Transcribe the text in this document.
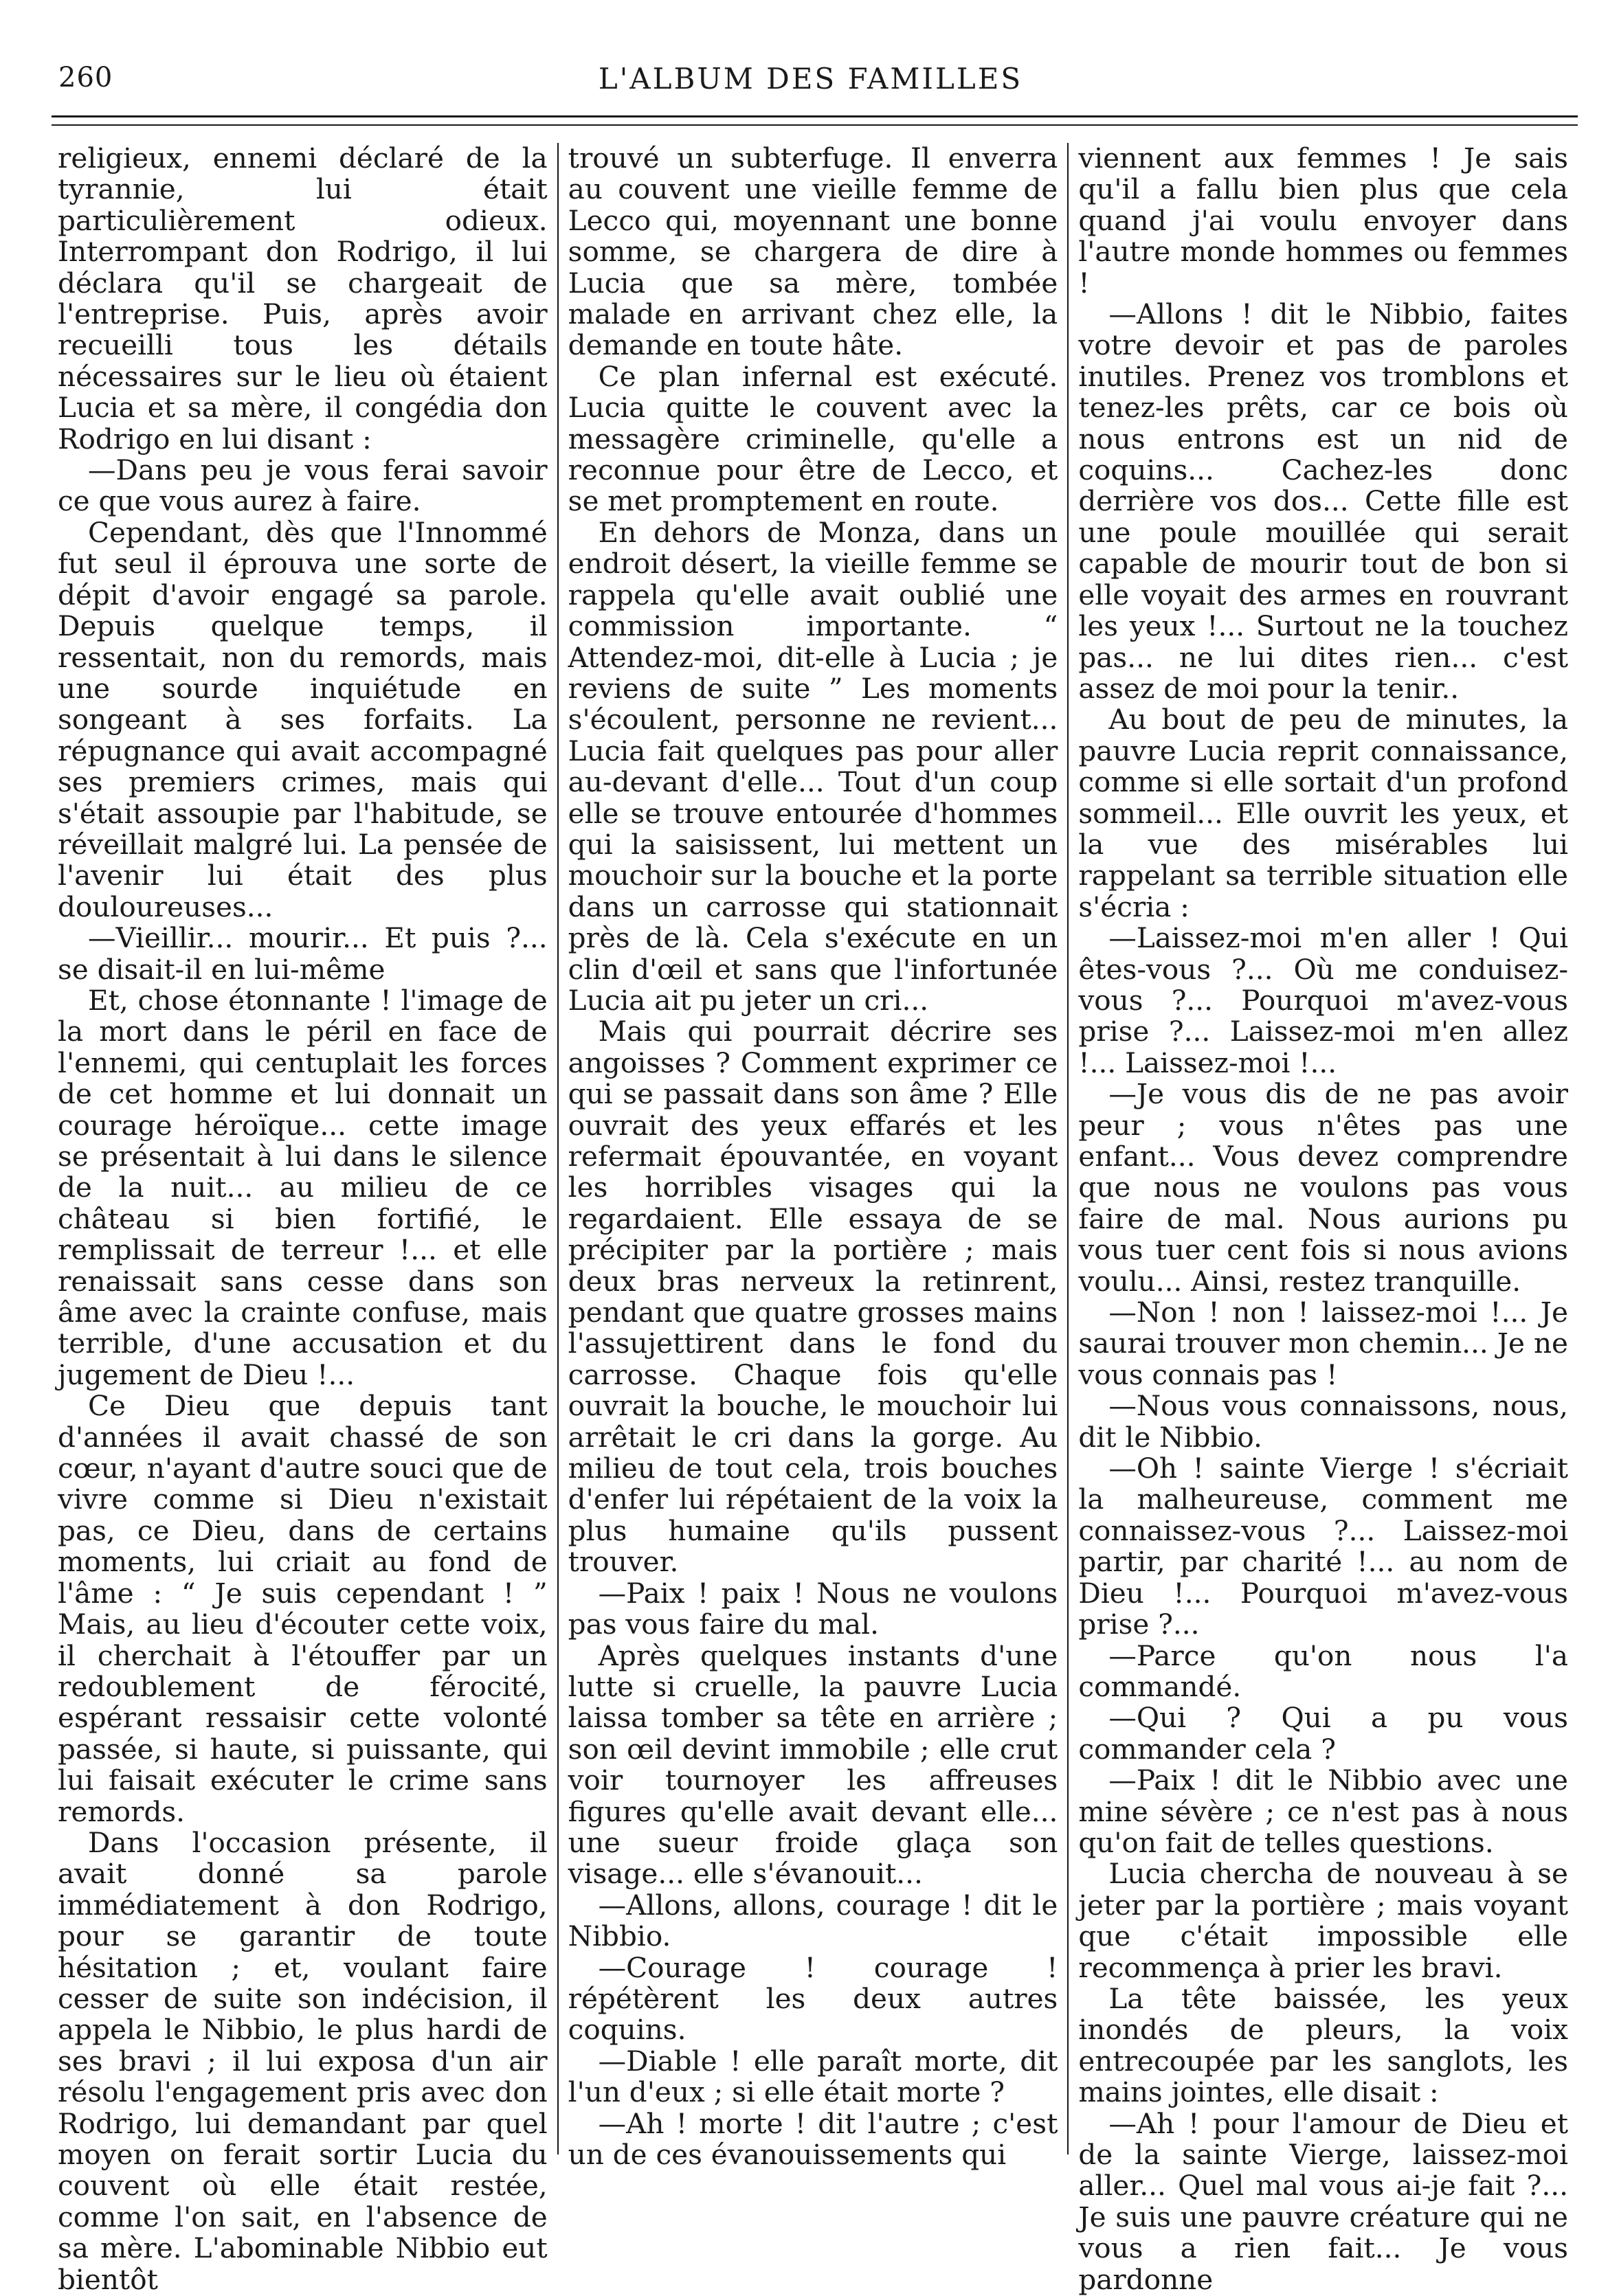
260	L'ALBUM DES FAMILLES

religieux, ennemi déclaré de la tyrannie, lui était particulièrement odieux. Interrompant don Rodrigo, il lui déclara qu'il se chargeait de l'entreprise. Puis, après avoir recueilli tous les détails nécessaires sur le lieu où étaient Lucia et sa mère, il congédia don Rodrigo en lui disant :

—Dans peu je vous ferai savoir ce que vous aurez à faire.

Cependant, dès que l'Innommé fut seul il éprouva une sorte de dépit d'avoir engagé sa parole. Depuis quelque temps, il ressentait, non du remords, mais une sourde inquiétude en songeant à ses forfaits. La répugnance qui avait accompagné ses premiers crimes, mais qui s'était assoupie par l'habitude, se réveillait malgré lui. La pensée de l'avenir lui était des plus douloureuses...

—Vieillir... mourir... Et puis ?... se disait-il en lui-même

Et, chose étonnante ! l'image de la mort dans le péril en face de l'ennemi, qui centuplait les forces de cet homme et lui donnait un courage héroïque... cette image se présentait à lui dans le silence de la nuit... au milieu de ce château si bien fortifié, le remplissait de terreur !... et elle renaissait sans cesse dans son âme avec la crainte confuse, mais terrible, d'une accusation et du jugement de Dieu !...

Ce Dieu que depuis tant d'années il avait chassé de son cœur, n'ayant d'autre souci que de vivre comme si Dieu n'existait pas, ce Dieu, dans de certains moments, lui criait au fond de l'âme : “ Je suis cependant ! ” Mais, au lieu d'écouter cette voix, il cherchait à l'étouffer par un redoublement de férocité, espérant ressaisir cette volonté passée, si haute, si puissante, qui lui faisait exécuter le crime sans remords.

Dans l'occasion présente, il avait donné sa parole immédiatement à don Rodrigo, pour se garantir de toute hésitation ; et, voulant faire cesser de suite son indécision, il appela le Nibbio, le plus hardi de ses bravi ; il lui exposa d'un air résolu l'engagement pris avec don Rodrigo, lui demandant par quel moyen on ferait sortir Lucia du couvent où elle était restée, comme l'on sait, en l'absence de sa mère. L'abominable Nibbio eut bientôt

trouvé un subterfuge. Il enverra au couvent une vieille femme de Lecco qui, moyennant une bonne somme, se chargera de dire à Lucia que sa mère, tombée malade en arrivant chez elle, la demande en toute hâte.

Ce plan infernal est exécuté. Lucia quitte le couvent avec la messagère criminelle, qu'elle a reconnue pour être de Lecco, et se met promptement en route.

En dehors de Monza, dans un endroit désert, la vieille femme se rappela qu'elle avait oublié une commission importante. “ Attendez-moi, dit-elle à Lucia ; je reviens de suite ” Les moments s'écoulent, personne ne revient... Lucia fait quelques pas pour aller au-devant d'elle... Tout d'un coup elle se trouve entourée d'hommes qui la saisissent, lui mettent un mouchoir sur la bouche et la porte dans un carrosse qui stationnait près de là. Cela s'exécute en un clin d'œil et sans que l'infortunée Lucia ait pu jeter un cri...

Mais qui pourrait décrire ses angoisses ? Comment exprimer ce qui se passait dans son âme ? Elle ouvrait des yeux effarés et les refermait épouvantée, en voyant les horribles visages qui la regardaient. Elle essaya de se précipiter par la portière ; mais deux bras nerveux la retinrent, pendant que quatre grosses mains l'assujettirent dans le fond du carrosse. Chaque fois qu'elle ouvrait la bouche, le mouchoir lui arrêtait le cri dans la gorge. Au milieu de tout cela, trois bouches d'enfer lui répétaient de la voix la plus humaine qu'ils pussent trouver.

—Paix ! paix ! Nous ne voulons pas vous faire du mal.

Après quelques instants d'une lutte si cruelle, la pauvre Lucia laissa tomber sa tête en arrière ; son œil devint immobile ; elle crut voir tournoyer les affreuses figures qu'elle avait devant elle... une sueur froide glaça son visage... elle s'évanouit...

—Allons, allons, courage ! dit le Nibbio.

—Courage ! courage ! répétèrent les deux autres coquins.

—Diable ! elle paraît morte, dit l'un d'eux ; si elle était morte ?

—Ah ! morte ! dit l'autre ; c'est un de ces évanouissements qui

viennent aux femmes ! Je sais qu'il a fallu bien plus que cela quand j'ai voulu envoyer dans l'autre monde hommes ou femmes !

—Allons ! dit le Nibbio, faites votre devoir et pas de paroles inutiles. Prenez vos tromblons et tenez-les prêts, car ce bois où nous entrons est un nid de coquins... Cachez-les donc derrière vos dos... Cette fille est une poule mouillée qui serait capable de mourir tout de bon si elle voyait des armes en rouvrant les yeux !... Surtout ne la touchez pas... ne lui dites rien... c'est assez de moi pour la tenir..

Au bout de peu de minutes, la pauvre Lucia reprit connaissance, comme si elle sortait d'un profond sommeil... Elle ouvrit les yeux, et la vue des misérables lui rappelant sa terrible situation elle s'écria :

—Laissez-moi m'en aller ! Qui êtes-vous ?... Où me conduisez-vous ?... Pourquoi m'avez-vous prise ?... Laissez-moi m'en allez !... Laissez-moi !...

—Je vous dis de ne pas avoir peur ; vous n'êtes pas une enfant... Vous devez comprendre que nous ne voulons pas vous faire de mal. Nous aurions pu vous tuer cent fois si nous avions voulu... Ainsi, restez tranquille.

—Non ! non ! laissez-moi !... Je saurai trouver mon chemin... Je ne vous connais pas !

—Nous vous connaissons, nous, dit le Nibbio.

—Oh ! sainte Vierge ! s'écriait la malheureuse, comment me connaissez-vous ?... Laissez-moi partir, par charité !... au nom de Dieu !... Pourquoi m'avez-vous prise ?...

—Parce qu'on nous l'a commandé.

—Qui ? Qui a pu vous commander cela ?

—Paix ! dit le Nibbio avec une mine sévère ; ce n'est pas à nous qu'on fait de telles questions.

Lucia chercha de nouveau à se jeter par la portière ; mais voyant que c'était impossible elle recommença à prier les bravi.

La tête baissée, les yeux inondés de pleurs, la voix entrecoupée par les sanglots, les mains jointes, elle disait :

—Ah ! pour l'amour de Dieu et de la sainte Vierge, laissez-moi aller... Quel mal vous ai-je fait ?... Je suis une pauvre créature qui ne vous a rien fait... Je vous pardonne
